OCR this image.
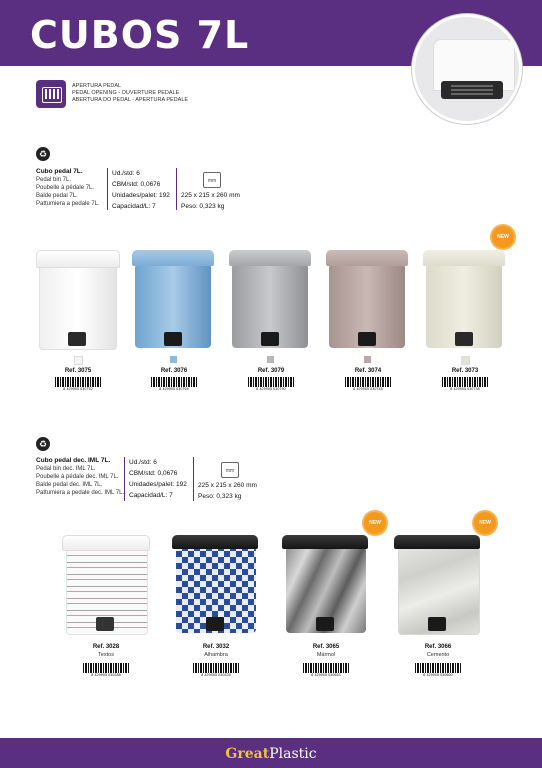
CUBOS 7L
APERTURA PEDAL
PEDAL OPENING - OUVERTURE PEDALE
ABERTURA DO PEDAL - APERTURA PEDALE
♻
Cubo pedal 7L.
Pedal bin 7L.
Poubelle à pédale 7L.
Balde pedal 7L.
Pattumiera a pedale 7L.
Ud./std: 6
CBM/std: 0,0676
Unidades/palet: 192
Capacidad/L: 7
mm
225 x 215 x 260 mm
Peso: 0,323 kg
NEW
Ref. 3075
8 429905 030752
Ref. 3076
8 429905 030769
Ref. 3079
8 429905 030790
Ref. 3074
8 429905 030745
Ref. 3073
8 429905 030738
♻
Cubo pedal dec. IML 7L.
Pedal bin dec. IML 7L.
Poubelle à pédale dec. IML 7L.
Balde pedal dec. IML 7L.
Pattumiera a pedale dec. IML 7L.
Ud./std: 6
CBM/std: 0,0676
Unidades/palet: 192
Capacidad/L: 7
mm
225 x 215 x 260 mm
Peso: 0,323 kg
NEW	NEW
Ref. 3028
Textos
8 429905 030288
Ref. 3032
Alhambra
8 429905 030325
Ref. 3065
Mármol
8 429905 030653
Ref. 3066
Cemento
8 429905 030660
GreatPlastic
